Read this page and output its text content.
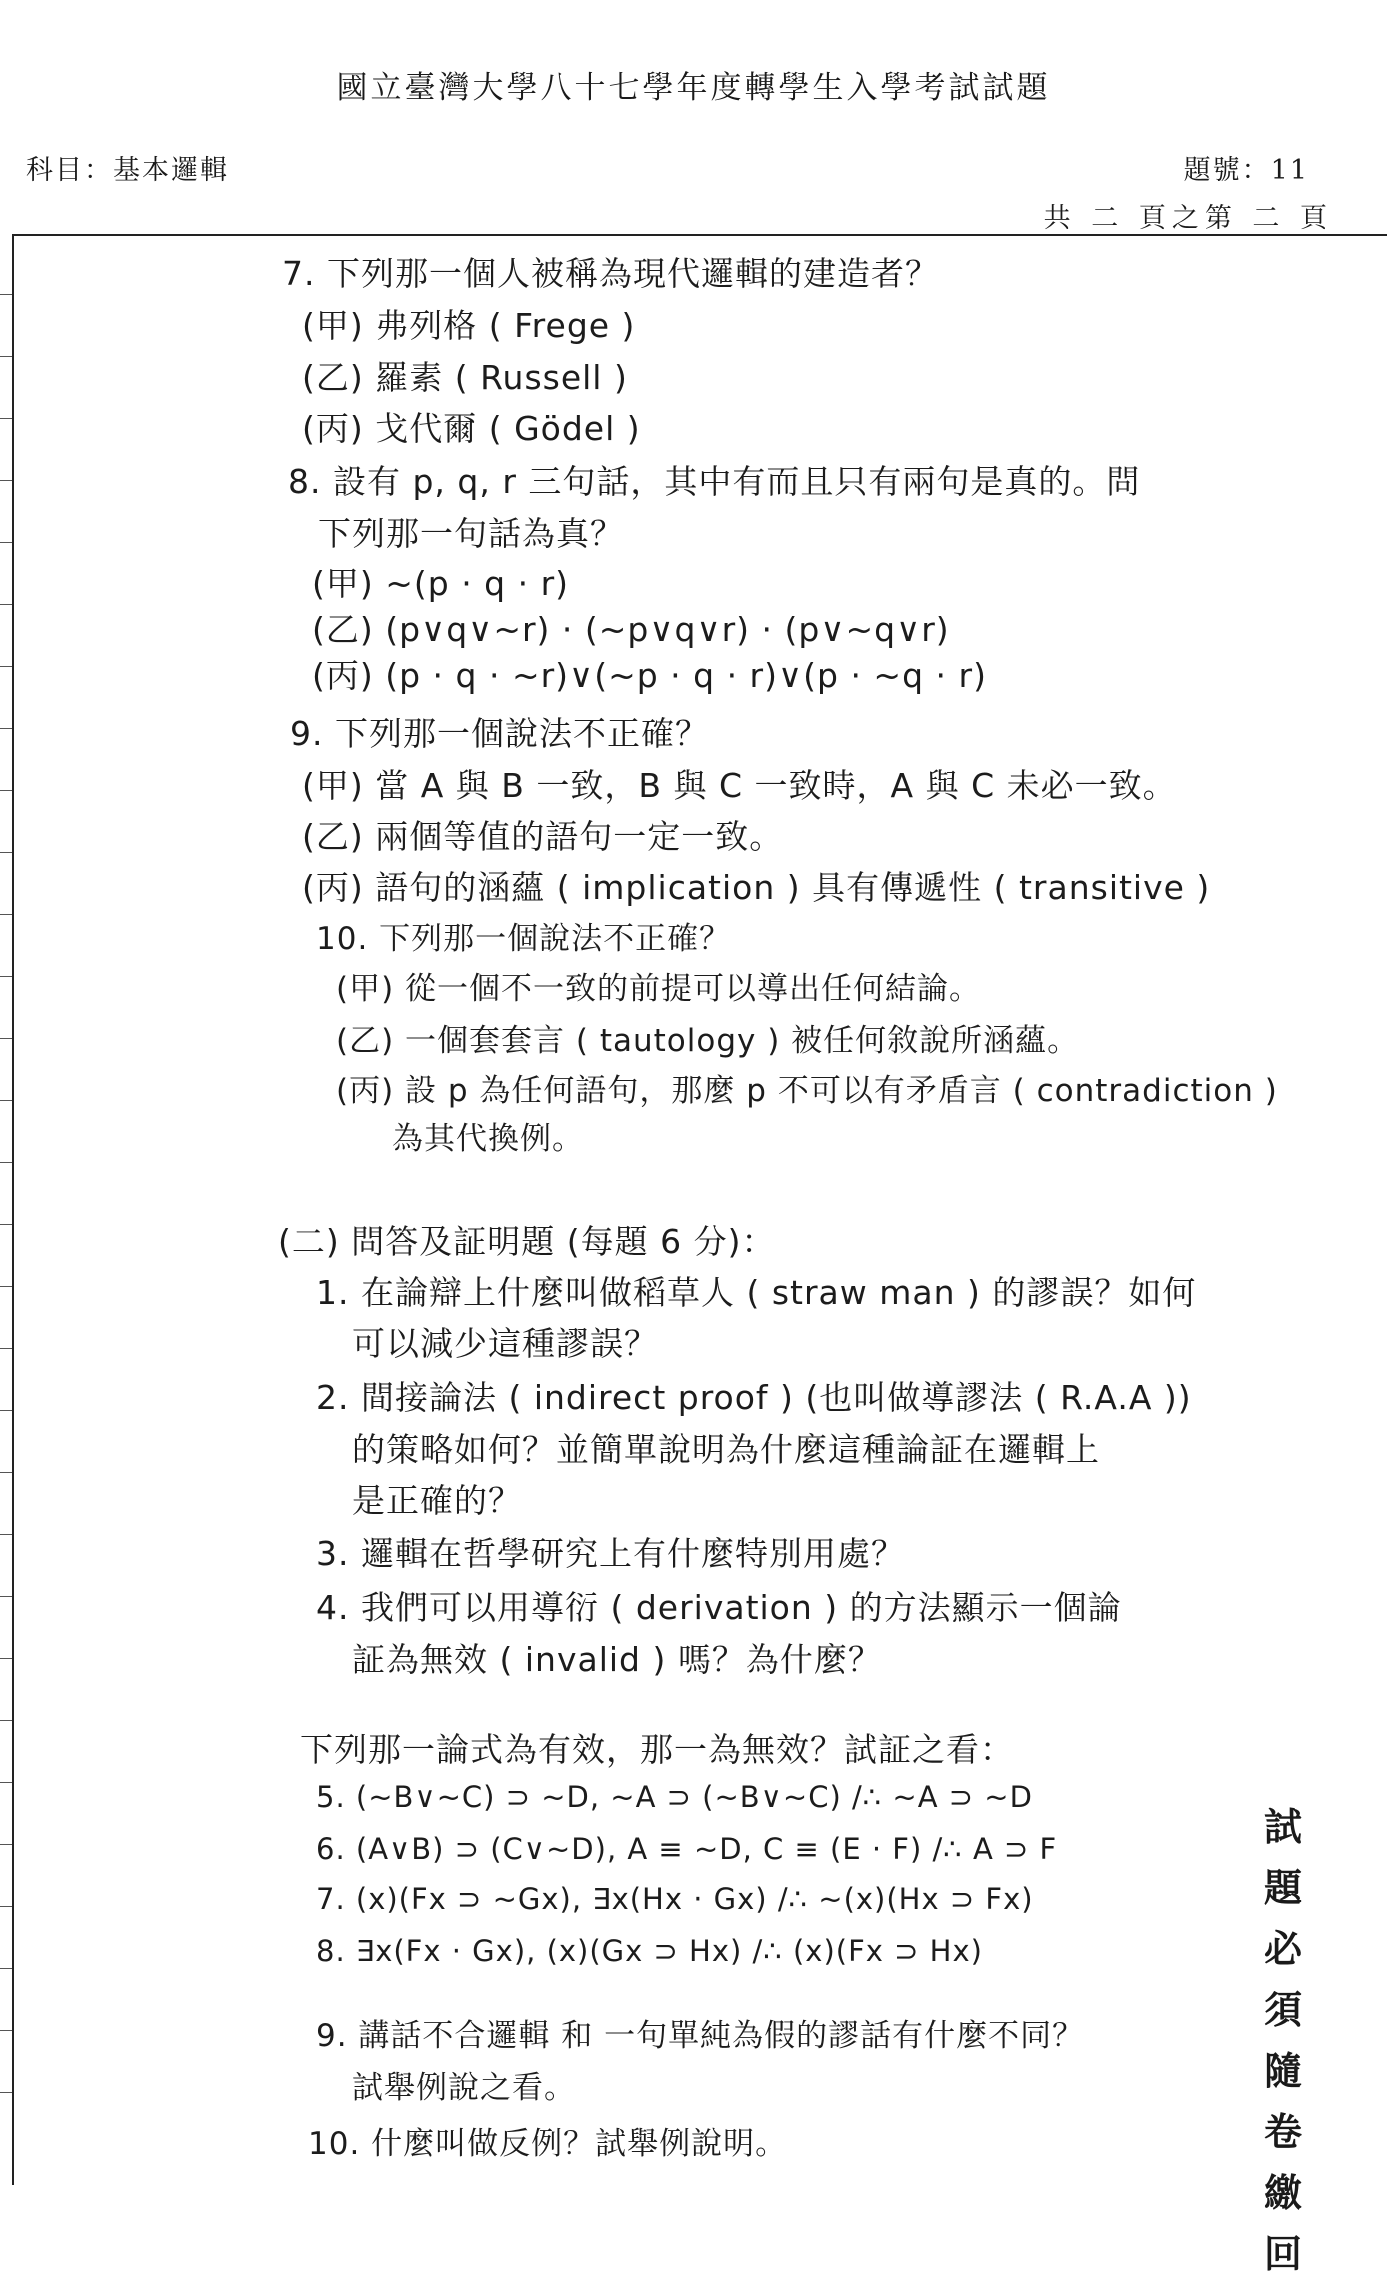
國立臺灣大學八十七學年度轉學生入學考試試題
科目：基本邏輯	題號：11
共 二 頁之第 二 頁
7. 下列那一個人被稱為現代邏輯的建造者？
(甲) 弗列格 ( Frege )
(乙) 羅素 ( Russell )
(丙) 戈代爾 ( Gödel )
8. 設有 p, q, r 三句話，其中有而且只有兩句是真的。問
下列那一句話為真？
(甲) ~(p · q · r)
(乙) (p∨q∨~r) · (~p∨q∨r) · (p∨~q∨r)
(丙) (p · q · ~r)∨(~p · q · r)∨(p · ~q · r)
9. 下列那一個說法不正確？
(甲) 當 A 與 B 一致，B 與 C 一致時，A 與 C 未必一致。
(乙) 兩個等值的語句一定一致。
(丙) 語句的涵蘊 ( implication ) 具有傳遞性 ( transitive )
10. 下列那一個說法不正確？
(甲) 從一個不一致的前提可以導出任何結論。
(乙) 一個套套言 ( tautology ) 被任何敘說所涵蘊。
(丙) 設 p 為任何語句，那麼 p 不可以有矛盾言 ( contradiction )
為其代換例。
(二) 問答及証明題 (每題 6 分)：
1. 在論辯上什麼叫做稻草人 ( straw man ) 的謬誤？如何
可以減少這種謬誤？
2. 間接論法 ( indirect proof ) (也叫做導謬法 ( R.A.A ))
的策略如何？並簡單說明為什麼這種論証在邏輯上
是正確的？
3. 邏輯在哲學研究上有什麼特別用處？
4. 我們可以用導衍 ( derivation ) 的方法顯示一個論
証為無效 ( invalid ) 嗎？為什麼？
下列那一論式為有效，那一為無效？試証之看：
5. (~B∨~C) ⊃ ~D, ~A ⊃ (~B∨~C) /∴ ~A ⊃ ~D
6. (A∨B) ⊃ (C∨~D), A ≡ ~D, C ≡ (E · F) /∴ A ⊃ F
7. (x)(Fx ⊃ ~Gx), ∃x(Hx · Gx) /∴ ~(x)(Hx ⊃ Fx)
8. ∃x(Fx · Gx), (x)(Gx ⊃ Hx) /∴ (x)(Fx ⊃ Hx)
9. 講話不合邏輯 和 一句單純為假的謬話有什麼不同？
試舉例說之看。
10. 什麼叫做反例？試舉例說明。
試
題
必
須
隨
卷
繳
回
